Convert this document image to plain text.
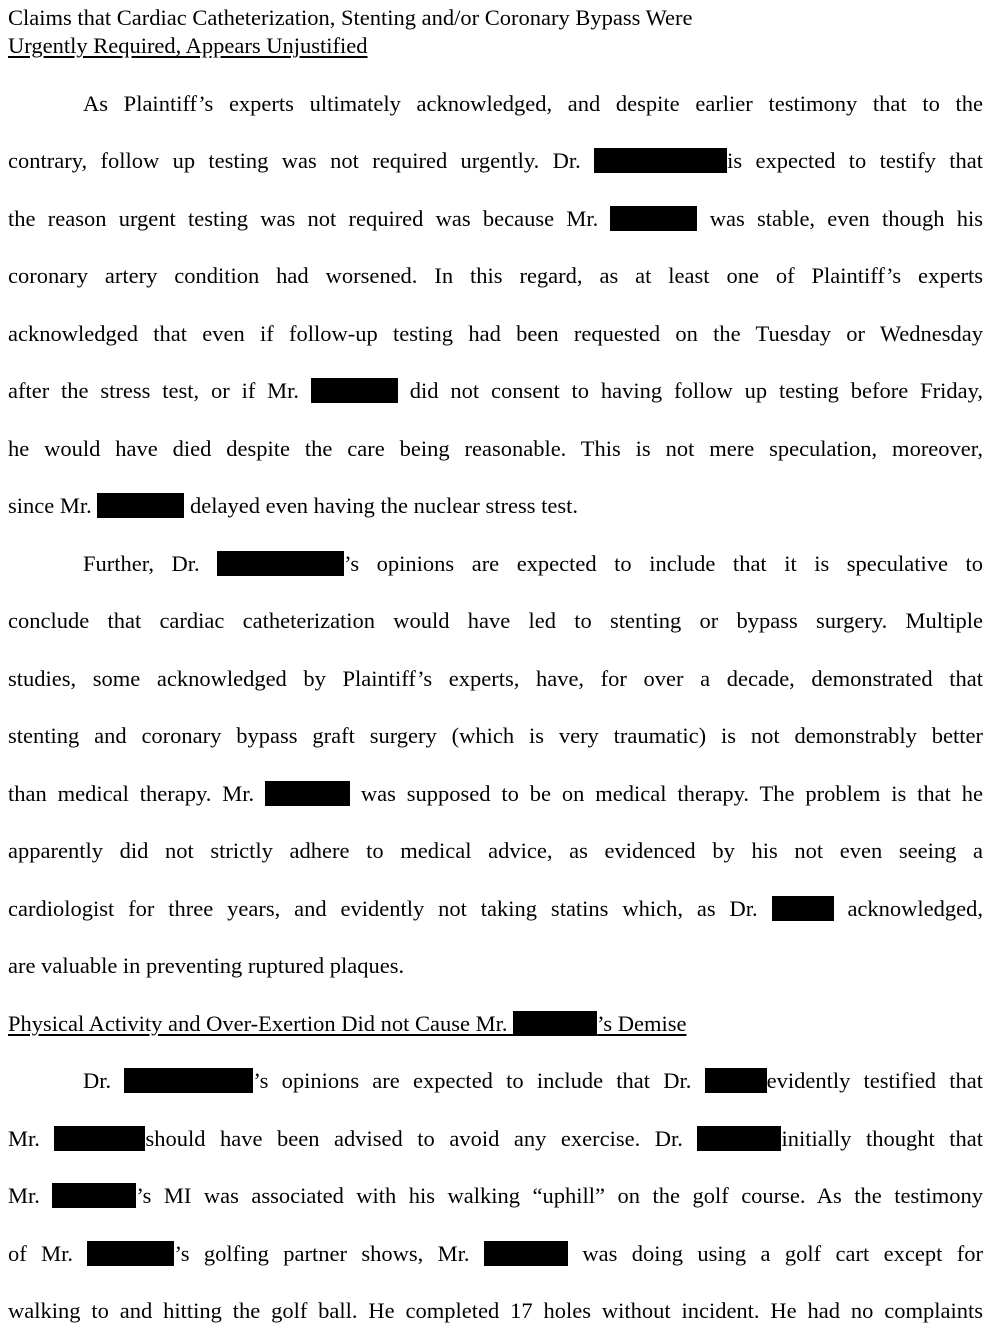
Claims that Cardiac Catheterization, Stenting and/or Coronary Bypass Were
Urgently Required, Appears Unjustified
As Plaintiff’s experts ultimately acknowledged, and despite earlier testimony that to the
contrary, follow up testing was not required urgently. Dr.	is expected to testify that
the reason urgent testing was not required was because Mr.	was stable, even though his
coronary artery condition had worsened. In this regard, as at least one of Plaintiff’s experts
acknowledged that even if follow-up testing had been requested on the Tuesday or Wednesday
after the stress test, or if Mr.	did not consent to having follow up testing before Friday,
he would have died despite the care being reasonable. This is not mere speculation, moreover,
since Mr.	delayed even having the nuclear stress test.
Further, Dr.	’s opinions are expected to include that it is speculative to
conclude that cardiac catheterization would have led to stenting or bypass surgery. Multiple
studies, some acknowledged by Plaintiff’s experts, have, for over a decade, demonstrated that
stenting and coronary bypass graft surgery (which is very traumatic) is not demonstrably better
than medical therapy. Mr.	was supposed to be on medical therapy. The problem is that he
apparently did not strictly adhere to medical advice, as evidenced by his not even seeing a
cardiologist for three years, and evidently not taking statins which, as Dr.	acknowledged,
are valuable in preventing ruptured plaques.
Physical Activity and Over-Exertion Did not Cause Mr.	’s Demise
Dr.	’s opinions are expected to include that Dr.	evidently testified that
Mr.	should have been advised to avoid any exercise. Dr.	initially thought that
Mr.	’s MI was associated with his walking “uphill” on the golf course. As the testimony
of Mr.	’s golfing partner shows, Mr.	was doing using a golf cart except for
walking to and hitting the golf ball. He completed 17 holes without incident. He had no complaints
